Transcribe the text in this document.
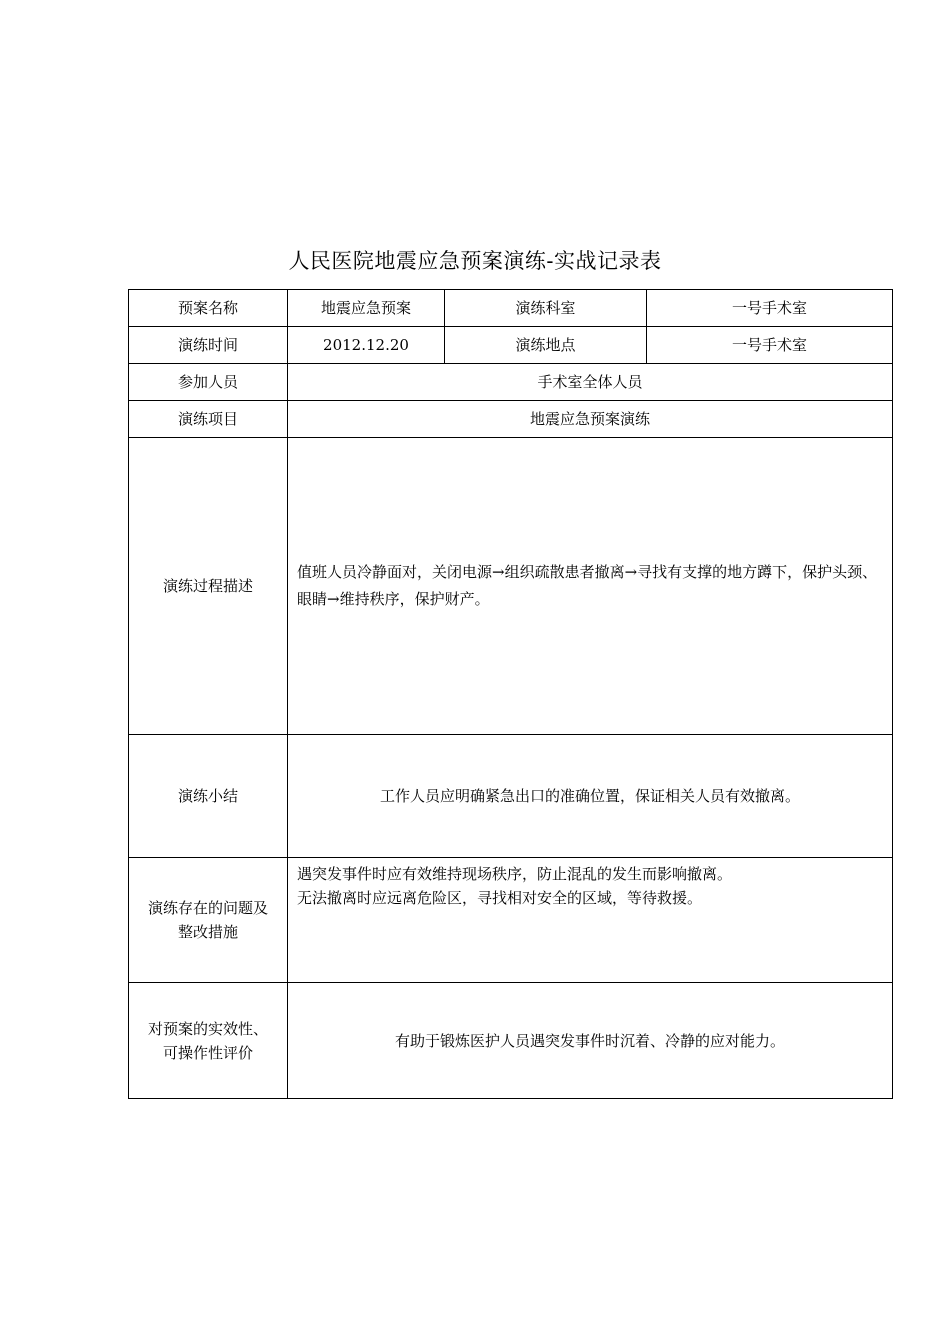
人民医院地震应急预案演练-实战记录表
预案名称	地震应急预案	演练科室	一号手术室
演练时间	2012.12.20	演练地点	一号手术室
参加人员	手术室全体人员		
演练项目	地震应急预案演练		
演练过程描述	值班人员冷静面对，关闭电源→组织疏散患者撤离→寻找有支撑的地方蹲下，保护头颈、眼睛→维持秩序，保护财产。		
演练小结	工作人员应明确紧急出口的准确位置，保证相关人员有效撤离。		

演练存在的问题及
整改措施	遇突发事件时应有效维持现场秩序，防止混乱的发生而影响撤离。
无法撤离时应远离危险区，寻找相对安全的区域，等待救援。		

对预案的实效性、
可操作性评价	有助于锻炼医护人员遇突发事件时沉着、冷静的应对能力。		
